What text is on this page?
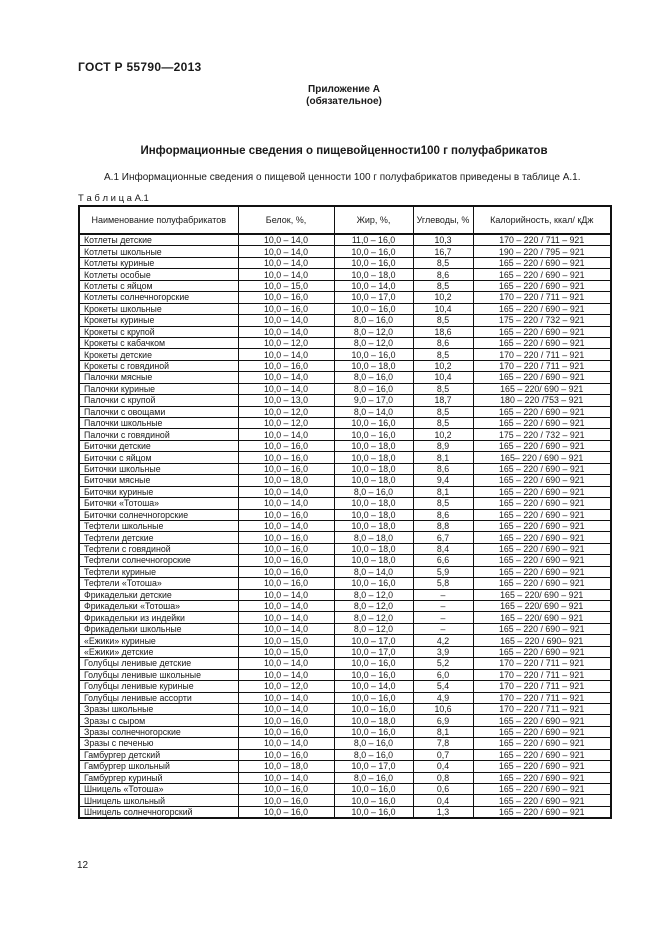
ГОСТ Р 55790—2013
Приложение А
(обязательное)
Информационные сведения о пищевойценности100 г полуфабрикатов
А.1 Информационные сведения о пищевой ценности 100 г полуфабрикатов приведены в таблице А.1.
Т а б л и ц а А.1
Наименование полуфабрикатов	Белок, %,	Жир, %,	Углеводы, %	Калорийность, ккал/ кДж
Котлеты детские	10,0 – 14,0	11,0 – 16,0	10,3	170 – 220 / 711 – 921
Котлеты школьные	10,0 – 14,0	10,0 – 16,0	16,7	190 – 220 / 795 – 921
Котлеты куриные	10,0 – 14,0	10,0 – 16,0	8,5	165 – 220 / 690 – 921
Котлеты особые	10,0 – 14,0	10,0 – 18,0	8,6	165 – 220 / 690 – 921
Котлеты с яйцом	10,0 – 15,0	10,0 – 14,0	8,5	165 – 220 / 690 – 921
Котлеты солнечногорские	10,0 – 16,0	10,0 – 17,0	10,2	170 – 220 / 711 – 921
Крокеты школьные	10,0 – 16,0	10,0 – 16,0	10,4	165 – 220 / 690 – 921
Крокеты куриные	10,0 – 14,0	8,0 – 16,0	8,5	175 – 220 / 732 – 921
Крокеты с крупой	10,0 – 14,0	8,0 – 12,0	18,6	165 – 220 / 690 – 921
Крокеты с кабачком	10,0 – 12,0	8,0 – 12,0	8,6	165 – 220 / 690 – 921
Крокеты детские	10,0 – 14,0	10,0 – 16,0	8,5	170 – 220 / 711 – 921
Крокеты с говядиной	10,0 – 16,0	10,0 – 18,0	10,2	170 – 220 / 711 – 921
Палочки мясные	10,0 – 14,0	8,0 – 16,0	10,4	165 – 220 / 690 – 921
Палочки куриные	10,0 – 14,0	8,0 – 16,0	8,5	165 – 220/ 690 – 921
Палочки с крупой	10,0 – 13,0	9,0 – 17,0	18,7	180 – 220 /753 – 921
Палочки с овощами	10,0 – 12,0	8,0 – 14,0	8,5	165 – 220 / 690 – 921
Палочки школьные	10,0 – 12,0	10,0 – 16,0	8,5	165 – 220 / 690 – 921
Палочки с говядиной	10,0 – 14,0	10,0 – 16,0	10,2	175 – 220 / 732 – 921
Биточки детские	10,0 – 16,0	10,0 – 18,0	8,9	165 – 220 / 690 – 921
Биточки с яйцом	10,0 – 16,0	10,0 – 18,0	8,1	165– 220 / 690 – 921
Биточки школьные	10,0 – 16,0	10,0 – 18,0	8,6	165 – 220 / 690 – 921
Биточки мясные	10,0 – 18,0	10,0 – 18,0	9,4	165 – 220 / 690 – 921
Биточки куриные	10,0 – 14,0	8,0 – 16,0	8,1	165 – 220 / 690 – 921
Биточки «Тотоша»	10,0 – 14,0	10,0 – 18,0	8,5	165 – 220 / 690 – 921
Биточки солнечногорские	10,0 – 16,0	10,0 – 18,0	8,6	165 – 220 / 690 – 921
Тефтели школьные	10,0 – 14,0	10,0 – 18,0	8,8	165 – 220 / 690 – 921
Тефтели детские	10,0 – 16,0	8,0 – 18,0	6,7	165 – 220 / 690 – 921
Тефтели с говядиной	10,0 – 16,0	10,0 – 18,0	8,4	165 – 220 / 690 – 921
Тефтели солнечногорские	10,0 – 16,0	10,0 – 18,0	6,6	165 – 220 / 690 – 921
Тефтели куриные	10,0 – 16,0	8,0 – 14,0	5,9	165 – 220 / 690 – 921
Тефтели «Тотоша»	10,0 – 16,0	10,0 – 16,0	5,8	165 – 220 / 690 – 921
Фрикадельки детские	10,0 – 14,0	8,0 – 12,0	–	165 – 220/ 690 – 921
Фрикадельки «Тотоша»	10,0 – 14,0	8,0 – 12,0	–	165 – 220/ 690 – 921
Фрикадельки из индейки	10,0 – 14,0	8,0 – 12,0	–	165 – 220/ 690 – 921
Фрикадельки школьные	10,0 – 14,0	8,0 – 12,0	–	165 – 220 / 690 – 921
«Ежики» куриные	10,0 – 15,0	10,0 – 17,0	4,2	165 – 220 / 690– 921
«Ежики» детские	10,0 – 15,0	10,0 – 17,0	3,9	165 – 220 / 690 – 921
Голубцы ленивые детские	10,0 – 14,0	10,0 – 16,0	5,2	170 – 220 / 711 – 921
Голубцы ленивые школьные	10,0 – 14,0	10,0 – 16,0	6,0	170 – 220 / 711 – 921
Голубцы ленивые куриные	10,0 – 12,0	10,0 – 14,0	5,4	170 – 220 / 711 – 921
Голубцы ленивые ассорти	10,0 – 14,0	10,0 – 16,0	4,9	170 – 220 / 711 – 921
Зразы школьные	10,0 – 14,0	10,0 – 16,0	10,6	170 – 220 / 711 – 921
Зразы с сыром	10,0 – 16,0	10,0 – 18,0	6,9	165 – 220 / 690 – 921
Зразы солнечногорские	10,0 – 16,0	10,0 – 16,0	8,1	165 – 220 / 690 – 921
Зразы с печенью	10,0 – 14,0	8,0 – 16,0	7,8	165 – 220 / 690 – 921
Гамбургер детский	10,0 – 16,0	8,0 – 16,0	0,7	165 – 220 / 690 – 921
Гамбургер школьный	10,0 – 18,0	10,0 – 17,0	0,4	165 – 220 / 690 – 921
Гамбургер куриный	10,0 – 14,0	8,0 – 16,0	0,8	165 – 220 / 690 – 921
Шницель «Тотоша»	10,0 – 16,0	10,0 – 16,0	0,6	165 – 220 / 690 – 921
Шницель школьный	10,0 – 16,0	10,0 – 16,0	0,4	165 – 220 / 690 – 921
Шницель солнечногорский	10,0 – 16,0	10,0 – 16,0	1,3	165 – 220 / 690 – 921
12
